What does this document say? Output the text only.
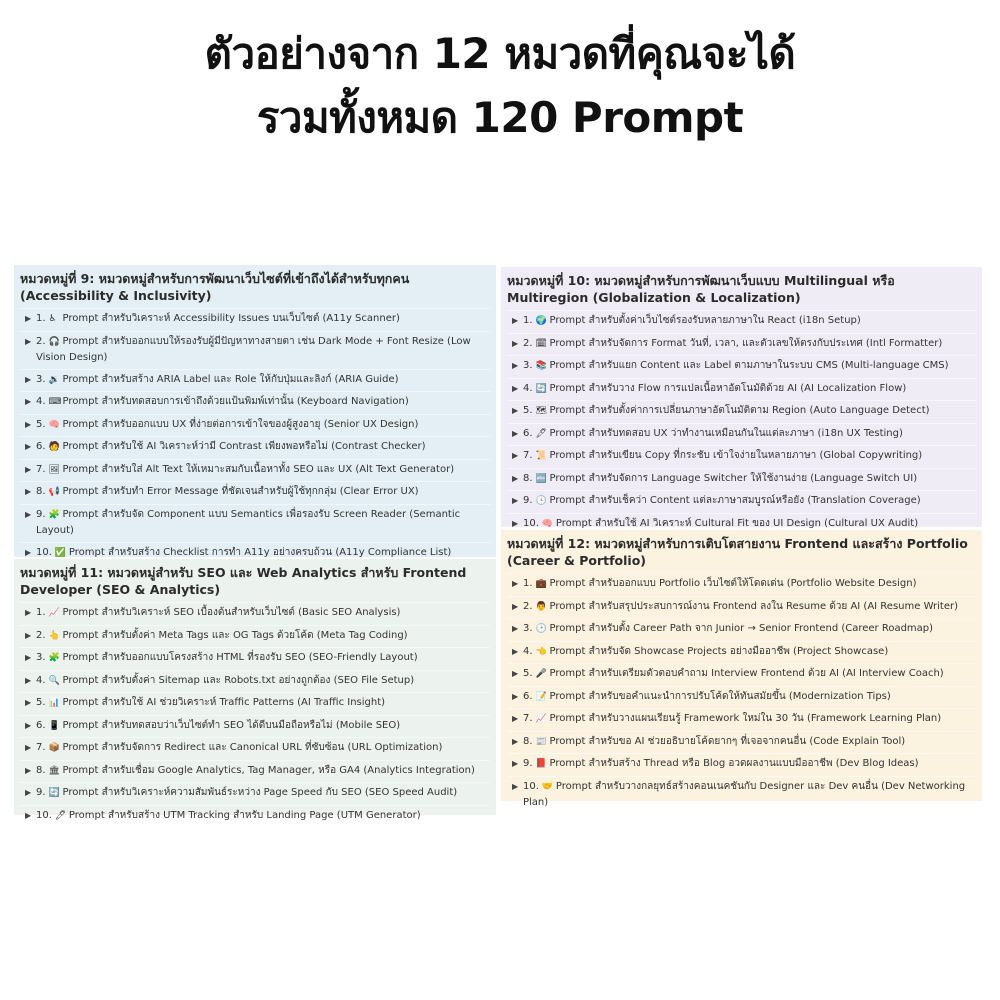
ตัวอย่างจาก 12 หมวดที่คุณจะได้
รวมทั้งหมด 120 Prompt
หมวดหมู่ที่ 9: หมวดหมู่สำหรับการพัฒนาเว็บไซต์ที่เข้าถึงได้สำหรับทุกคน (Accessibility & Inclusivity)
▶ 1. ♿ Prompt สำหรับวิเคราะห์ Accessibility Issues บนเว็บไซต์ (A11y Scanner)
▶ 2. 🎧 Prompt สำหรับออกแบบให้รองรับผู้มีปัญหาทางสายตา เช่น Dark Mode + Font Resize (Low Vision Design)
▶ 3. 🔉 Prompt สำหรับสร้าง ARIA Label และ Role ให้กับปุ่มและลิงก์ (ARIA Guide)
▶ 4. ⌨Prompt สำหรับทดสอบการเข้าถึงด้วยแป้นพิมพ์เท่านั้น (Keyboard Navigation)
▶ 5. 🧠 Prompt สำหรับออกแบบ UX ที่ง่ายต่อการเข้าใจของผู้สูงอายุ (Senior UX Design)
▶ 6. 🧑 Prompt สำหรับใช้ AI วิเคราะห์ว่ามี Contrast เพียงพอหรือไม่ (Contrast Checker)
▶ 7. 🖼 Prompt สำหรับใส่ Alt Text ให้เหมาะสมกับเนื้อหาทั้ง SEO และ UX (Alt Text Generator)
▶ 8. 📢 Prompt สำหรับทำ Error Message ที่ชัดเจนสำหรับผู้ใช้ทุกกลุ่ม (Clear Error UX)
▶ 9. 🧩 Prompt สำหรับจัด Component แบบ Semantics เพื่อรองรับ Screen Reader (Semantic Layout)
▶ 10. ✅ Prompt สำหรับสร้าง Checklist การทำ A11y อย่างครบถ้วน (A11y Compliance List)
หมวดหมู่ที่ 11: หมวดหมู่สำหรับ SEO และ Web Analytics สำหรับ Frontend Developer (SEO & Analytics)
▶ 1. 📈 Prompt สำหรับวิเคราะห์ SEO เบื้องต้นสำหรับเว็บไซต์ (Basic SEO Analysis)
▶ 2. 👆 Prompt สำหรับตั้งค่า Meta Tags และ OG Tags ด้วยโค้ด (Meta Tag Coding)
▶ 3. 🧩 Prompt สำหรับออกแบบโครงสร้าง HTML ที่รองรับ SEO (SEO-Friendly Layout)
▶ 4. 🔍 Prompt สำหรับตั้งค่า Sitemap และ Robots.txt อย่างถูกต้อง (SEO File Setup)
▶ 5. 📊 Prompt สำหรับใช้ AI ช่วยวิเคราะห์ Traffic Patterns (AI Traffic Insight)
▶ 6. 📱 Prompt สำหรับทดสอบว่าเว็บไซต์ทำ SEO ได้ดีบนมือถือหรือไม่ (Mobile SEO)
▶ 7. 📦 Prompt สำหรับจัดการ Redirect และ Canonical URL ที่ซับซ้อน (URL Optimization)
▶ 8. 🏛 Prompt สำหรับเชื่อม Google Analytics, Tag Manager, หรือ GA4 (Analytics Integration)
▶ 9. 🔄 Prompt สำหรับวิเคราะห์ความสัมพันธ์ระหว่าง Page Speed กับ SEO (SEO Speed Audit)
▶ 10. 🖊 Prompt สำหรับสร้าง UTM Tracking สำหรับ Landing Page (UTM Generator)
หมวดหมู่ที่ 10: หมวดหมู่สำหรับการพัฒนาเว็บแบบ Multilingual หรือ Multiregion (Globalization & Localization)
▶ 1. 🌍 Prompt สำหรับตั้งค่าเว็บไซต์รองรับหลายภาษาใน React (i18n Setup)
▶ 2. 🗓 Prompt สำหรับจัดการ Format วันที่, เวลา, และตัวเลขให้ตรงกับประเทศ (Intl Formatter)
▶ 3. 📚 Prompt สำหรับแยก Content และ Label ตามภาษาในระบบ CMS (Multi-language CMS)
▶ 4. 🔄 Prompt สำหรับวาง Flow การแปลเนื้อหาอัตโนมัติด้วย AI (AI Localization Flow)
▶ 5. 🗺 Prompt สำหรับตั้งค่าการเปลี่ยนภาษาอัตโนมัติตาม Region (Auto Language Detect)
▶ 6. 🖊 Prompt สำหรับทดสอบ UX ว่าทำงานเหมือนกันในแต่ละภาษา (i18n UX Testing)
▶ 7. 📜 Prompt สำหรับเขียน Copy ที่กระชับ เข้าใจง่ายในหลายภาษา (Global Copywriting)
▶ 8. 🔤 Prompt สำหรับจัดการ Language Switcher ให้ใช้งานง่าย (Language Switch UI)
▶ 9. 🕓 Prompt สำหรับเช็คว่า Content แต่ละภาษาสมบูรณ์หรือยัง (Translation Coverage)
▶ 10. 🧠 Prompt สำหรับใช้ AI วิเคราะห์ Cultural Fit ของ UI Design (Cultural UX Audit)
หมวดหมู่ที่ 12: หมวดหมู่สำหรับการเติบโตสายงาน Frontend และสร้าง Portfolio (Career & Portfolio)
▶ 1. 💼 Prompt สำหรับออกแบบ Portfolio เว็บไซต์ให้โดดเด่น (Portfolio Website Design)
▶ 2. 👨 Prompt สำหรับสรุปประสบการณ์งาน Frontend ลงใน Resume ด้วย AI (AI Resume Writer)
▶ 3. 🕒 Prompt สำหรับตั้ง Career Path จาก Junior → Senior Frontend (Career Roadmap)
▶ 4. 👈 Prompt สำหรับจัด Showcase Projects อย่างมืออาชีพ (Project Showcase)
▶ 5. 🎤 Prompt สำหรับเตรียมตัวตอบคำถาม Interview Frontend ด้วย AI (AI Interview Coach)
▶ 6. 📝 Prompt สำหรับขอคำแนะนำการปรับโค้ดให้ทันสมัยขึ้น (Modernization Tips)
▶ 7. 📈 Prompt สำหรับวางแผนเรียนรู้ Framework ใหม่ใน 30 วัน (Framework Learning Plan)
▶ 8. 📰 Prompt สำหรับขอ AI ช่วยอธิบายโค้ดยากๆ ที่เจอจากคนอื่น (Code Explain Tool)
▶ 9. 📕 Prompt สำหรับสร้าง Thread หรือ Blog อวดผลงานแบบมืออาชีพ (Dev Blog Ideas)
▶ 10. 🤝 Prompt สำหรับวางกลยุทธ์สร้างคอนเนคชันกับ Designer และ Dev คนอื่น (Dev Networking Plan)
